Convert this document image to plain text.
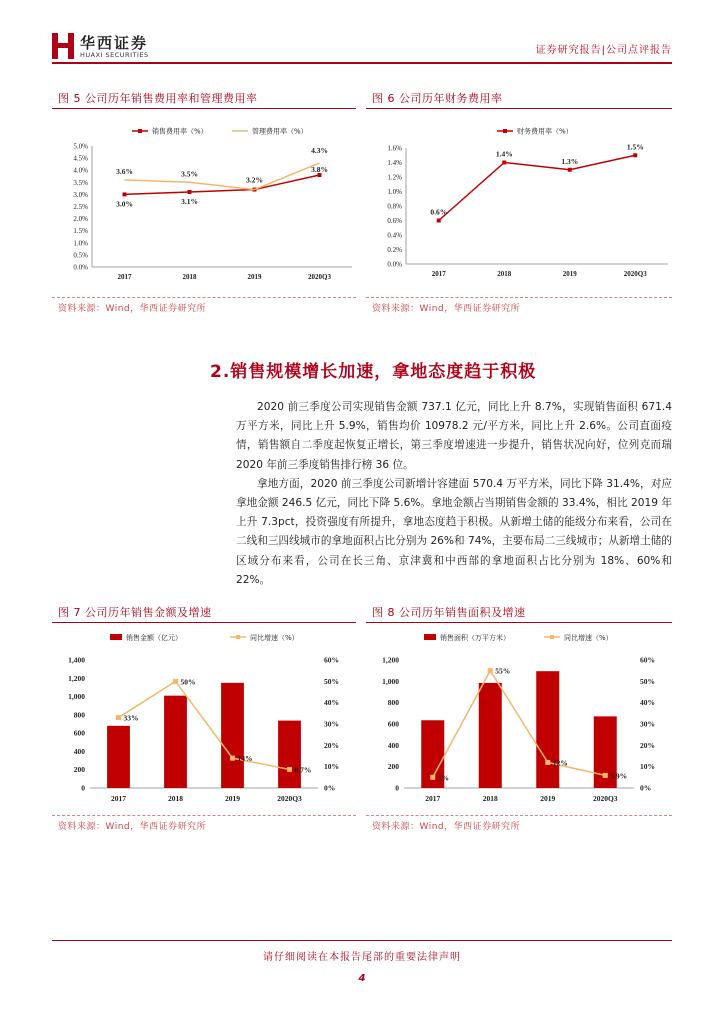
华西证券
HUAXI SECURITIES	证券研究报告|公司点评报告
图 5 公司历年销售费用率和管理费用率
0.0%
0.5%
1.0%
1.5%
2.0%
2.5%
3.0%
3.5%
4.0%
4.5%
5.0%
2017	2018	2019	2020Q3
销售费用率（%）	管理费用率（%）
3.0%	3.1%
3.2%
3.8%
3.6%	3.5%
4.3%
资料来源：Wind，华西证券研究所
图 6 公司历年财务费用率
0.0%
0.2%
0.4%
0.6%
0.8%
1.0%
1.2%
1.4%
1.6%
2017	2018	2019	2020Q3
财务费用率（%）
0.6%
1.4%
1.3%
1.5%
资料来源：Wind，华西证券研究所
2.销售规模增长加速，拿地态度趋于积极

2020 前三季度公司实现销售金额 737.1 亿元，同比上升 8.7%，实现销售面积 671.4 万平方米，同比上升 5.9%，销售均价 10978.2 元/平方米，同比上升 2.6%。公司直面疫情，销售额自二季度起恢复正增长，第三季度增速进一步提升，销售状况向好，位列克而瑞 2020 年前三季度销售排行榜 36 位。

拿地方面，2020 前三季度公司新增计容建面 570.4 万平方米，同比下降 31.4%，对应拿地金额 246.5 亿元，同比下降 5.6%。拿地金额占当期销售金额的 33.4%，相比 2019 年上升 7.3pct，投资强度有所提升，拿地态度趋于积极。从新增土储的能级分布来看，公司在二线和三四线城市的拿地面积占比分别为 26%和 74%，主要布局二三线城市；从新增土储的区域分布来看，公司在长三角、京津冀和中西部的拿地面积占比分别为 18%、60%和 22%。

图 7 公司历年销售金额及增速
0
200
400
600
800
1,000
1,200
1,400
0%
10%
20%
30%
40%
50%
60%
2017	2018	2019	2020Q3
销售金额（亿元）	同比增速（%）
33%
50%
14%
8.7%
资料来源：Wind，华西证券研究所
图 8 公司历年销售面积及增速
0
200
400
600
800
1,000
1,200
0%
10%
20%
30%
40%
50%
60%
2017	2018	2019	2020Q3
销售面积（万平方米）	同比增速（%）
5%
55%
12%
5.9%
资料来源：Wind，华西证券研究所
请仔细阅读在本报告尾部的重要法律声明
4
